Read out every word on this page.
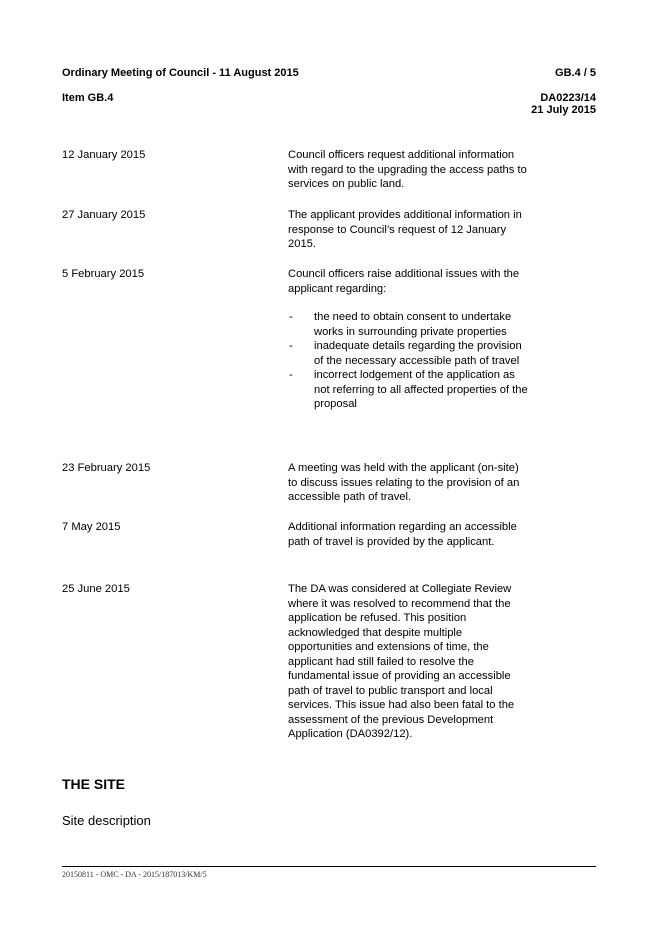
Ordinary Meeting of Council - 11 August 2015	GB.4 / 5
Item GB.4	DA0223/14
21 July 2015
12 January 2015	Council officers request additional information with regard to the upgrading the access paths to services on public land.

27 January 2015	The applicant provides additional information in response to Council’s request of 12 January 2015.

5 February 2015	Council officers raise additional issues with the applicant regarding:

- the need to obtain consent to undertake works in surrounding private properties
- inadequate details regarding the provision of the necessary accessible path of travel
- incorrect lodgement of the application as not referring to all affected properties of the proposal
23 February 2015	A meeting was held with the applicant (on-site) to discuss issues relating to the provision of an accessible path of travel.

7 May 2015	Additional information regarding an accessible path of travel is provided by the applicant.

25 June 2015	The DA was considered at Collegiate Review where it was resolved to recommend that the application be refused. This position acknowledged that despite multiple opportunities and extensions of time, the applicant had still failed to resolve the fundamental issue of providing an accessible path of travel to public transport and local services. This issue had also been fatal to the assessment of the previous Development Application (DA0392/12).

THE SITE
Site description
20150811 - OMC - DA - 2015/187013/KM/5
